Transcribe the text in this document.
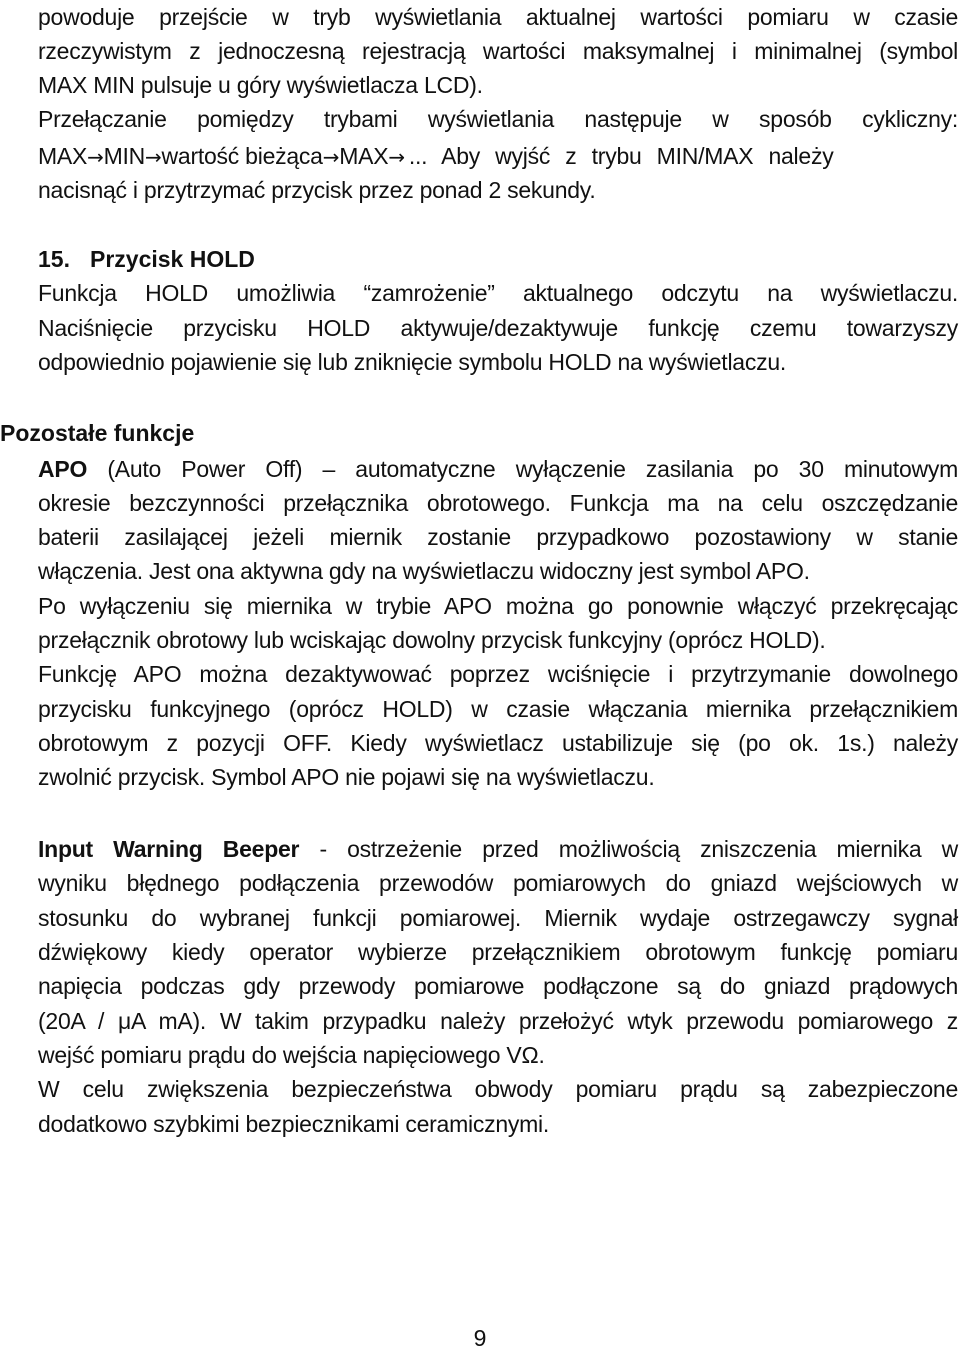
powoduje przejście w tryb wyświetlania aktualnej wartości pomiaru w czasie
rzeczywistym z jednoczesną rejestracją wartości maksymalnej i minimalnej (symbol
MAX MIN pulsuje u góry wyświetlacza LCD).
Przełączanie pomiędzy trybami wyświetlania następuje w sposób cykliczny:
MAX→MIN→wartość bieżąca→MAX→ ... Aby wyjść z trybu MIN/MAX należy
nacisnąć i przytrzymać przycisk przez ponad 2 sekundy.
15. Przycisk HOLD
Funkcja HOLD umożliwia “zamrożenie” aktualnego odczytu na wyświetlaczu.
Naciśnięcie przycisku HOLD aktywuje/dezaktywuje funkcję czemu towarzyszy
odpowiednio pojawienie się lub zniknięcie symbolu HOLD na wyświetlaczu.
Pozostałe funkcje
APO (Auto Power Off) – automatyczne wyłączenie zasilania po 30 minutowym
okresie bezczynności przełącznika obrotowego. Funkcja ma na celu oszczędzanie
baterii zasilającej jeżeli miernik zostanie przypadkowo pozostawiony w stanie
włączenia. Jest ona aktywna gdy na wyświetlaczu widoczny jest symbol APO.
Po wyłączeniu się miernika w trybie APO można go ponownie włączyć przekręcając
przełącznik obrotowy lub wciskając dowolny przycisk funkcyjny (oprócz HOLD).
Funkcję APO można dezaktywować poprzez wciśnięcie i przytrzymanie dowolnego
przycisku funkcyjnego (oprócz HOLD) w czasie włączania miernika przełącznikiem
obrotowym z pozycji OFF. Kiedy wyświetlacz ustabilizuje się (po ok. 1s.) należy
zwolnić przycisk. Symbol APO nie pojawi się na wyświetlaczu.
Input Warning Beeper - ostrzeżenie przed możliwością zniszczenia miernika w
wyniku błędnego podłączenia przewodów pomiarowych do gniazd wejściowych w
stosunku do wybranej funkcji pomiarowej. Miernik wydaje ostrzegawczy sygnał
dźwiękowy kiedy operator wybierze przełącznikiem obrotowym funkcję pomiaru
napięcia podczas gdy przewody pomiarowe podłączone są do gniazd prądowych
(20A / μA mA). W takim przypadku należy przełożyć wtyk przewodu pomiarowego z
wejść pomiaru prądu do wejścia napięciowego VΩ.
W celu zwiększenia bezpieczeństwa obwody pomiaru prądu są zabezpieczone
dodatkowo szybkimi bezpiecznikami ceramicznymi.
9
